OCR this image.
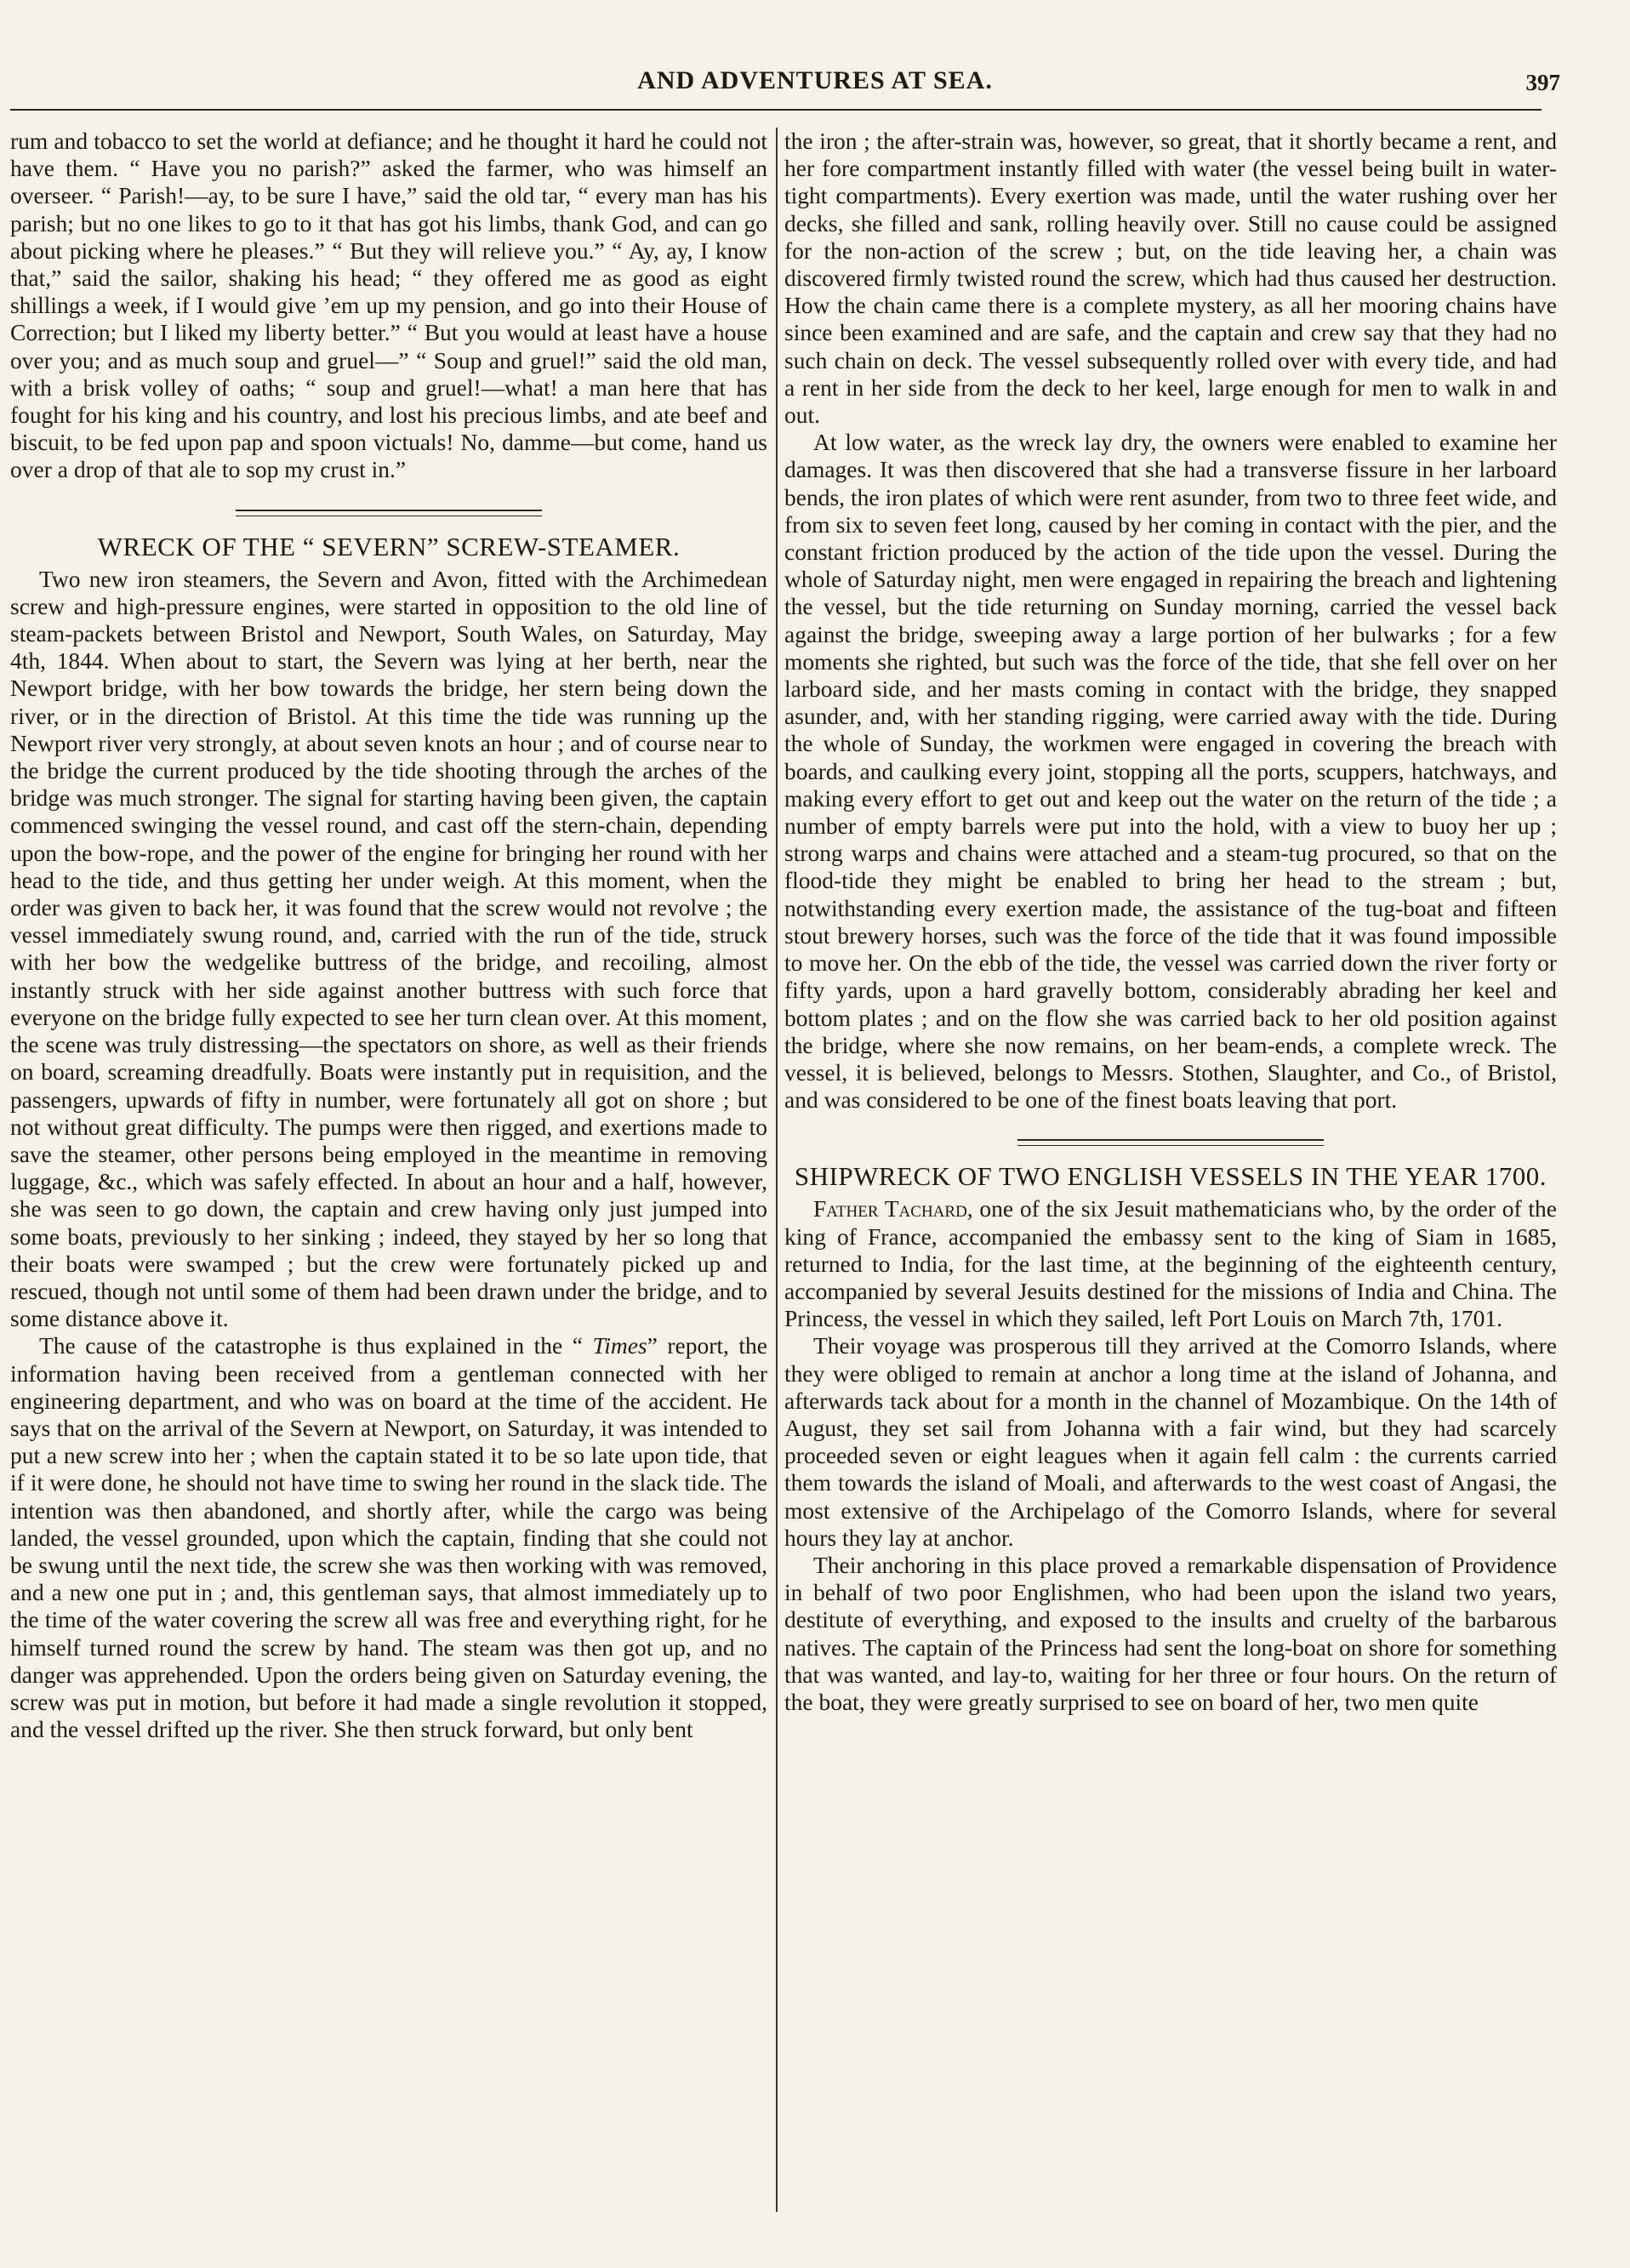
AND ADVENTURES AT SEA.	397

rum and tobacco to set the world at defiance; and he thought it hard he could not have them. “ Have you no parish?” asked the farmer, who was himself an overseer. “ Parish!—ay, to be sure I have,” said the old tar, “ every man has his parish; but no one likes to go to it that has got his limbs, thank God, and can go about picking where he pleases.” “ But they will relieve you.” “ Ay, ay, I know that,” said the sailor, shaking his head; “ they offered me as good as eight shillings a week, if I would give ’em up my pension, and go into their House of Correction; but I liked my liberty better.” “ But you would at least have a house over you; and as much soup and gruel—” “ Soup and gruel!” said the old man, with a brisk volley of oaths; “ soup and gruel!—what! a man here that has fought for his king and his country, and lost his precious limbs, and ate beef and biscuit, to be fed upon pap and spoon victuals! No, damme—but come, hand us over a drop of that ale to sop my crust in.”

WRECK OF THE “ SEVERN” SCREW-STEAMER.

Two new iron steamers, the Severn and Avon, fitted with the Archimedean screw and high-pressure engines, were started in opposition to the old line of steam-packets between Bristol and Newport, South Wales, on Saturday, May 4th, 1844. When about to start, the Severn was lying at her berth, near the Newport bridge, with her bow towards the bridge, her stern being down the river, or in the direction of Bristol. At this time the tide was running up the Newport river very strongly, at about seven knots an hour ; and of course near to the bridge the current produced by the tide shooting through the arches of the bridge was much stronger. The signal for starting having been given, the captain commenced swinging the vessel round, and cast off the stern-chain, depending upon the bow-rope, and the power of the engine for bringing her round with her head to the tide, and thus getting her under weigh. At this moment, when the order was given to back her, it was found that the screw would not revolve ; the vessel immediately swung round, and, carried with the run of the tide, struck with her bow the wedgelike buttress of the bridge, and recoiling, almost instantly struck with her side against another buttress with such force that everyone on the bridge fully expected to see her turn clean over. At this moment, the scene was truly distressing—the spectators on shore, as well as their friends on board, screaming dreadfully. Boats were instantly put in requisition, and the passengers, upwards of fifty in number, were fortunately all got on shore ; but not without great difficulty. The pumps were then rigged, and exertions made to save the steamer, other persons being employed in the meantime in removing luggage, &c., which was safely effected. In about an hour and a half, however, she was seen to go down, the captain and crew having only just jumped into some boats, previously to her sinking ; indeed, they stayed by her so long that their boats were swamped ; but the crew were fortunately picked up and rescued, though not until some of them had been drawn under the bridge, and to some distance above it.

The cause of the catastrophe is thus explained in the “ Times” report, the information having been received from a gentleman connected with her engineering department, and who was on board at the time of the accident. He says that on the arrival of the Severn at Newport, on Saturday, it was intended to put a new screw into her ; when the captain stated it to be so late upon tide, that if it were done, he should not have time to swing her round in the slack tide. The intention was then abandoned, and shortly after, while the cargo was being landed, the vessel grounded, upon which the captain, finding that she could not be swung until the next tide, the screw she was then working with was removed, and a new one put in ; and, this gentleman says, that almost immediately up to the time of the water covering the screw all was free and everything right, for he himself turned round the screw by hand. The steam was then got up, and no danger was apprehended. Upon the orders being given on Saturday evening, the screw was put in motion, but before it had made a single revolution it stopped, and the vessel drifted up the river. She then struck forward, but only bent

the iron ; the after-strain was, however, so great, that it shortly became a rent, and her fore compartment instantly filled with water (the vessel being built in water-tight compartments). Every exertion was made, until the water rushing over her decks, she filled and sank, rolling heavily over. Still no cause could be assigned for the non-action of the screw ; but, on the tide leaving her, a chain was discovered firmly twisted round the screw, which had thus caused her destruction. How the chain came there is a complete mystery, as all her mooring chains have since been examined and are safe, and the captain and crew say that they had no such chain on deck. The vessel subsequently rolled over with every tide, and had a rent in her side from the deck to her keel, large enough for men to walk in and out.

At low water, as the wreck lay dry, the owners were enabled to examine her damages. It was then discovered that she had a transverse fissure in her larboard bends, the iron plates of which were rent asunder, from two to three feet wide, and from six to seven feet long, caused by her coming in contact with the pier, and the constant friction produced by the action of the tide upon the vessel. During the whole of Saturday night, men were engaged in repairing the breach and lightening the vessel, but the tide returning on Sunday morning, carried the vessel back against the bridge, sweeping away a large portion of her bulwarks ; for a few moments she righted, but such was the force of the tide, that she fell over on her larboard side, and her masts coming in contact with the bridge, they snapped asunder, and, with her standing rigging, were carried away with the tide. During the whole of Sunday, the workmen were engaged in covering the breach with boards, and caulking every joint, stopping all the ports, scuppers, hatchways, and making every effort to get out and keep out the water on the return of the tide ; a number of empty barrels were put into the hold, with a view to buoy her up ; strong warps and chains were attached and a steam-tug procured, so that on the flood-tide they might be enabled to bring her head to the stream ; but, notwithstanding every exertion made, the assistance of the tug-boat and fifteen stout brewery horses, such was the force of the tide that it was found impossible to move her. On the ebb of the tide, the vessel was carried down the river forty or fifty yards, upon a hard gravelly bottom, considerably abrading her keel and bottom plates ; and on the flow she was carried back to her old position against the bridge, where she now remains, on her beam-ends, a complete wreck. The vessel, it is believed, belongs to Messrs. Stothen, Slaughter, and Co., of Bristol, and was considered to be one of the finest boats leaving that port.

SHIPWRECK OF TWO ENGLISH VESSELS IN THE YEAR 1700.

Father Tachard, one of the six Jesuit mathematicians who, by the order of the king of France, accompanied the embassy sent to the king of Siam in 1685, returned to India, for the last time, at the beginning of the eighteenth century, accompanied by several Jesuits destined for the missions of India and China. The Princess, the vessel in which they sailed, left Port Louis on March 7th, 1701.

Their voyage was prosperous till they arrived at the Comorro Islands, where they were obliged to remain at anchor a long time at the island of Johanna, and afterwards tack about for a month in the channel of Mozambique. On the 14th of August, they set sail from Johanna with a fair wind, but they had scarcely proceeded seven or eight leagues when it again fell calm : the currents carried them towards the island of Moali, and afterwards to the west coast of Angasi, the most extensive of the Archipelago of the Comorro Islands, where for several hours they lay at anchor.

Their anchoring in this place proved a remarkable dispensation of Providence in behalf of two poor Englishmen, who had been upon the island two years, destitute of everything, and exposed to the insults and cruelty of the barbarous natives. The captain of the Princess had sent the long-boat on shore for something that was wanted, and lay-to, waiting for her three or four hours. On the return of the boat, they were greatly surprised to see on board of her, two men quite
